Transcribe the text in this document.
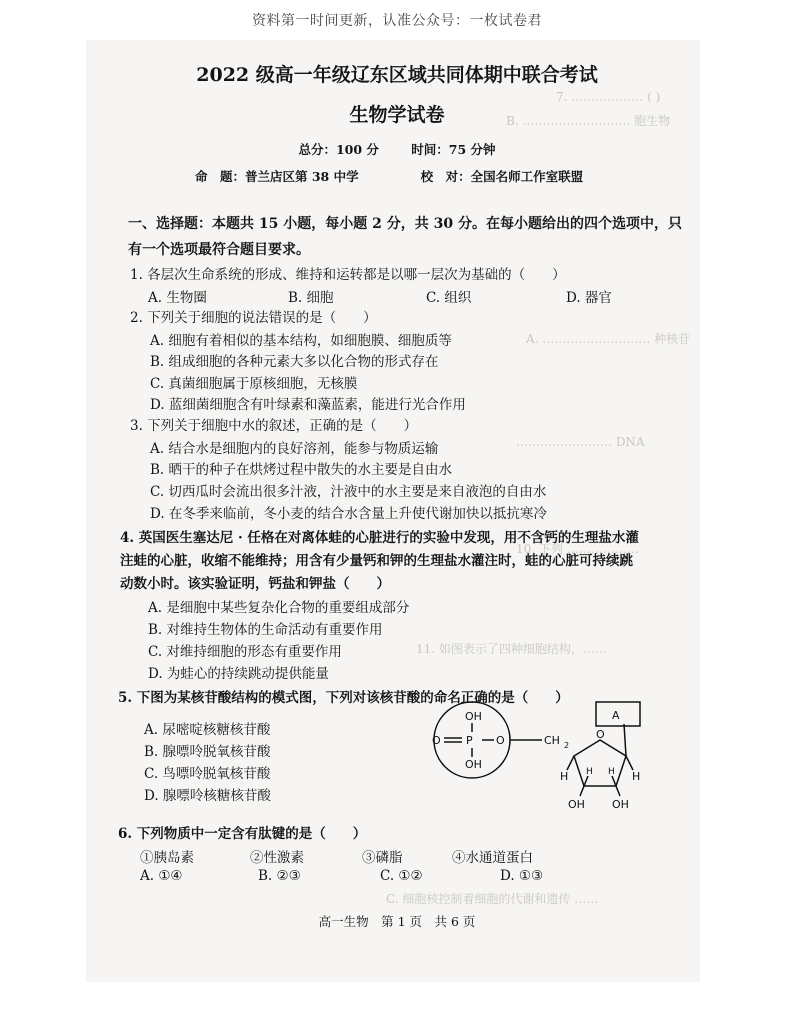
资料第一时间更新，认准公众号：一枚试卷君
7. ……………… ( )
B. ……………………… 胞生物
A. ……………………… 种核苷
…………………… DNA
10. 下列 ………………
11. 如图表示了四种细胞结构，……
C. 细胞核控制着细胞的代谢和遗传 ……
2022 级高一年级辽东区域共同体期中联合考试
生物学试卷
总分：100 分	时间：75 分钟
命　题：普兰店区第 38 中学	校　对：全国名师工作室联盟
一、选择题：本题共 15 小题，每小题 2 分，共 30 分。在每小题给出的四个选项中，只
有一个选项最符合题目要求。
1. 各层次生命系统的形成、维持和运转都是以哪一层次为基础的（　　）
A. 生物圈	B. 细胞	C. 组织	D. 器官
2. 下列关于细胞的说法错误的是（　　）
A. 细胞有着相似的基本结构，如细胞膜、细胞质等
B. 组成细胞的各种元素大多以化合物的形式存在
C. 真菌细胞属于原核细胞，无核膜
D. 蓝细菌细胞含有叶绿素和藻蓝素，能进行光合作用
3. 下列关于细胞中水的叙述，正确的是（　　）
A. 结合水是细胞内的良好溶剂，能参与物质运输
B. 晒干的种子在烘烤过程中散失的水主要是自由水
C. 切西瓜时会流出很多汁液，汁液中的水主要是来自液泡的自由水
D. 在冬季来临前，冬小麦的结合水含量上升使代谢加快以抵抗寒冷
4. 英国医生塞达尼 · 任格在对离体蛙的心脏进行的实验中发现，用不含钙的生理盐水灌
注蛙的心脏，收缩不能维持；用含有少量钙和钾的生理盐水灌注时，蛙的心脏可持续跳
动数小时。该实验证明，钙盐和钾盐（　　）
A. 是细胞中某些复杂化合物的重要组成部分
B. 对维持生物体的生命活动有重要作用
C. 对维持细胞的形态有重要作用
D. 为蛙心的持续跳动提供能量
5. 下图为某核苷酸结构的模式图，下列对该核苷酸的命名正确的是（　　）
A. 尿嘧啶核糖核苷酸
B. 腺嘌呤脱氧核苷酸
C. 鸟嘌呤脱氧核苷酸
D. 腺嘌呤核糖核苷酸
OH
P
O	O
OH
CH 2
O
A
H	H
H H
OH OH
6. 下列物质中一定含有肽键的是（　　）
①胰岛素	②性激素	③磷脂	④水通道蛋白
A. ①④	B. ②③	C. ①②	D. ①③
高一生物　第 1 页　共 6 页
